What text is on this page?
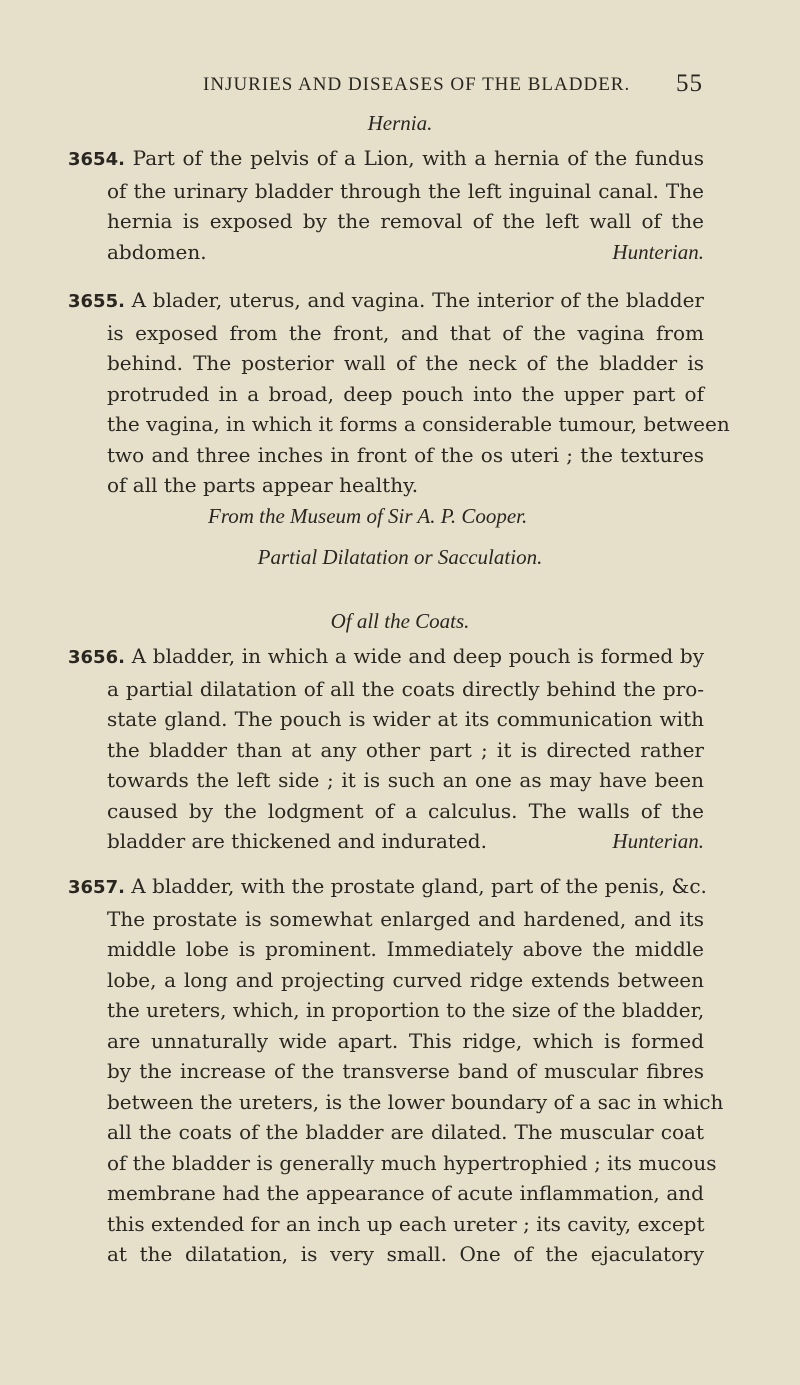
INJURIES AND DISEASES OF THE BLADDER. 55
Hernia.
3654. Part of the pelvis of a Lion, with a hernia of the fundus
of the urinary bladder through the left inguinal canal. The
hernia is exposed by the removal of the left wall of the
abdomen.	Hunterian.
3655. A blader, uterus, and vagina. The interior of the bladder
is exposed from the front, and that of the vagina from
behind. The posterior wall of the neck of the bladder is
protruded in a broad, deep pouch into the upper part of
the vagina, in which it forms a considerable tumour, between
two and three inches in front of the os uteri ; the textures
of all the parts appear healthy.
From the Museum of Sir A. P. Cooper.
Partial Dilatation or Sacculation.
Of all the Coats.
3656. A bladder, in which a wide and deep pouch is formed by
a partial dilatation of all the coats directly behind the pro-
state gland. The pouch is wider at its communication with
the bladder than at any other part ; it is directed rather
towards the left side ; it is such an one as may have been
caused by the lodgment of a calculus. The walls of the
bladder are thickened and indurated.	Hunterian.
3657. A bladder, with the prostate gland, part of the penis, &c.
The prostate is somewhat enlarged and hardened, and its
middle lobe is prominent. Immediately above the middle
lobe, a long and projecting curved ridge extends between
the ureters, which, in proportion to the size of the bladder,
are unnaturally wide apart. This ridge, which is formed
by the increase of the transverse band of muscular fibres
between the ureters, is the lower boundary of a sac in which
all the coats of the bladder are dilated. The muscular coat
of the bladder is generally much hypertrophied ; its mucous
membrane had the appearance of acute inflammation, and
this extended for an inch up each ureter ; its cavity, except
at the dilatation, is very small. One of the ejaculatory
